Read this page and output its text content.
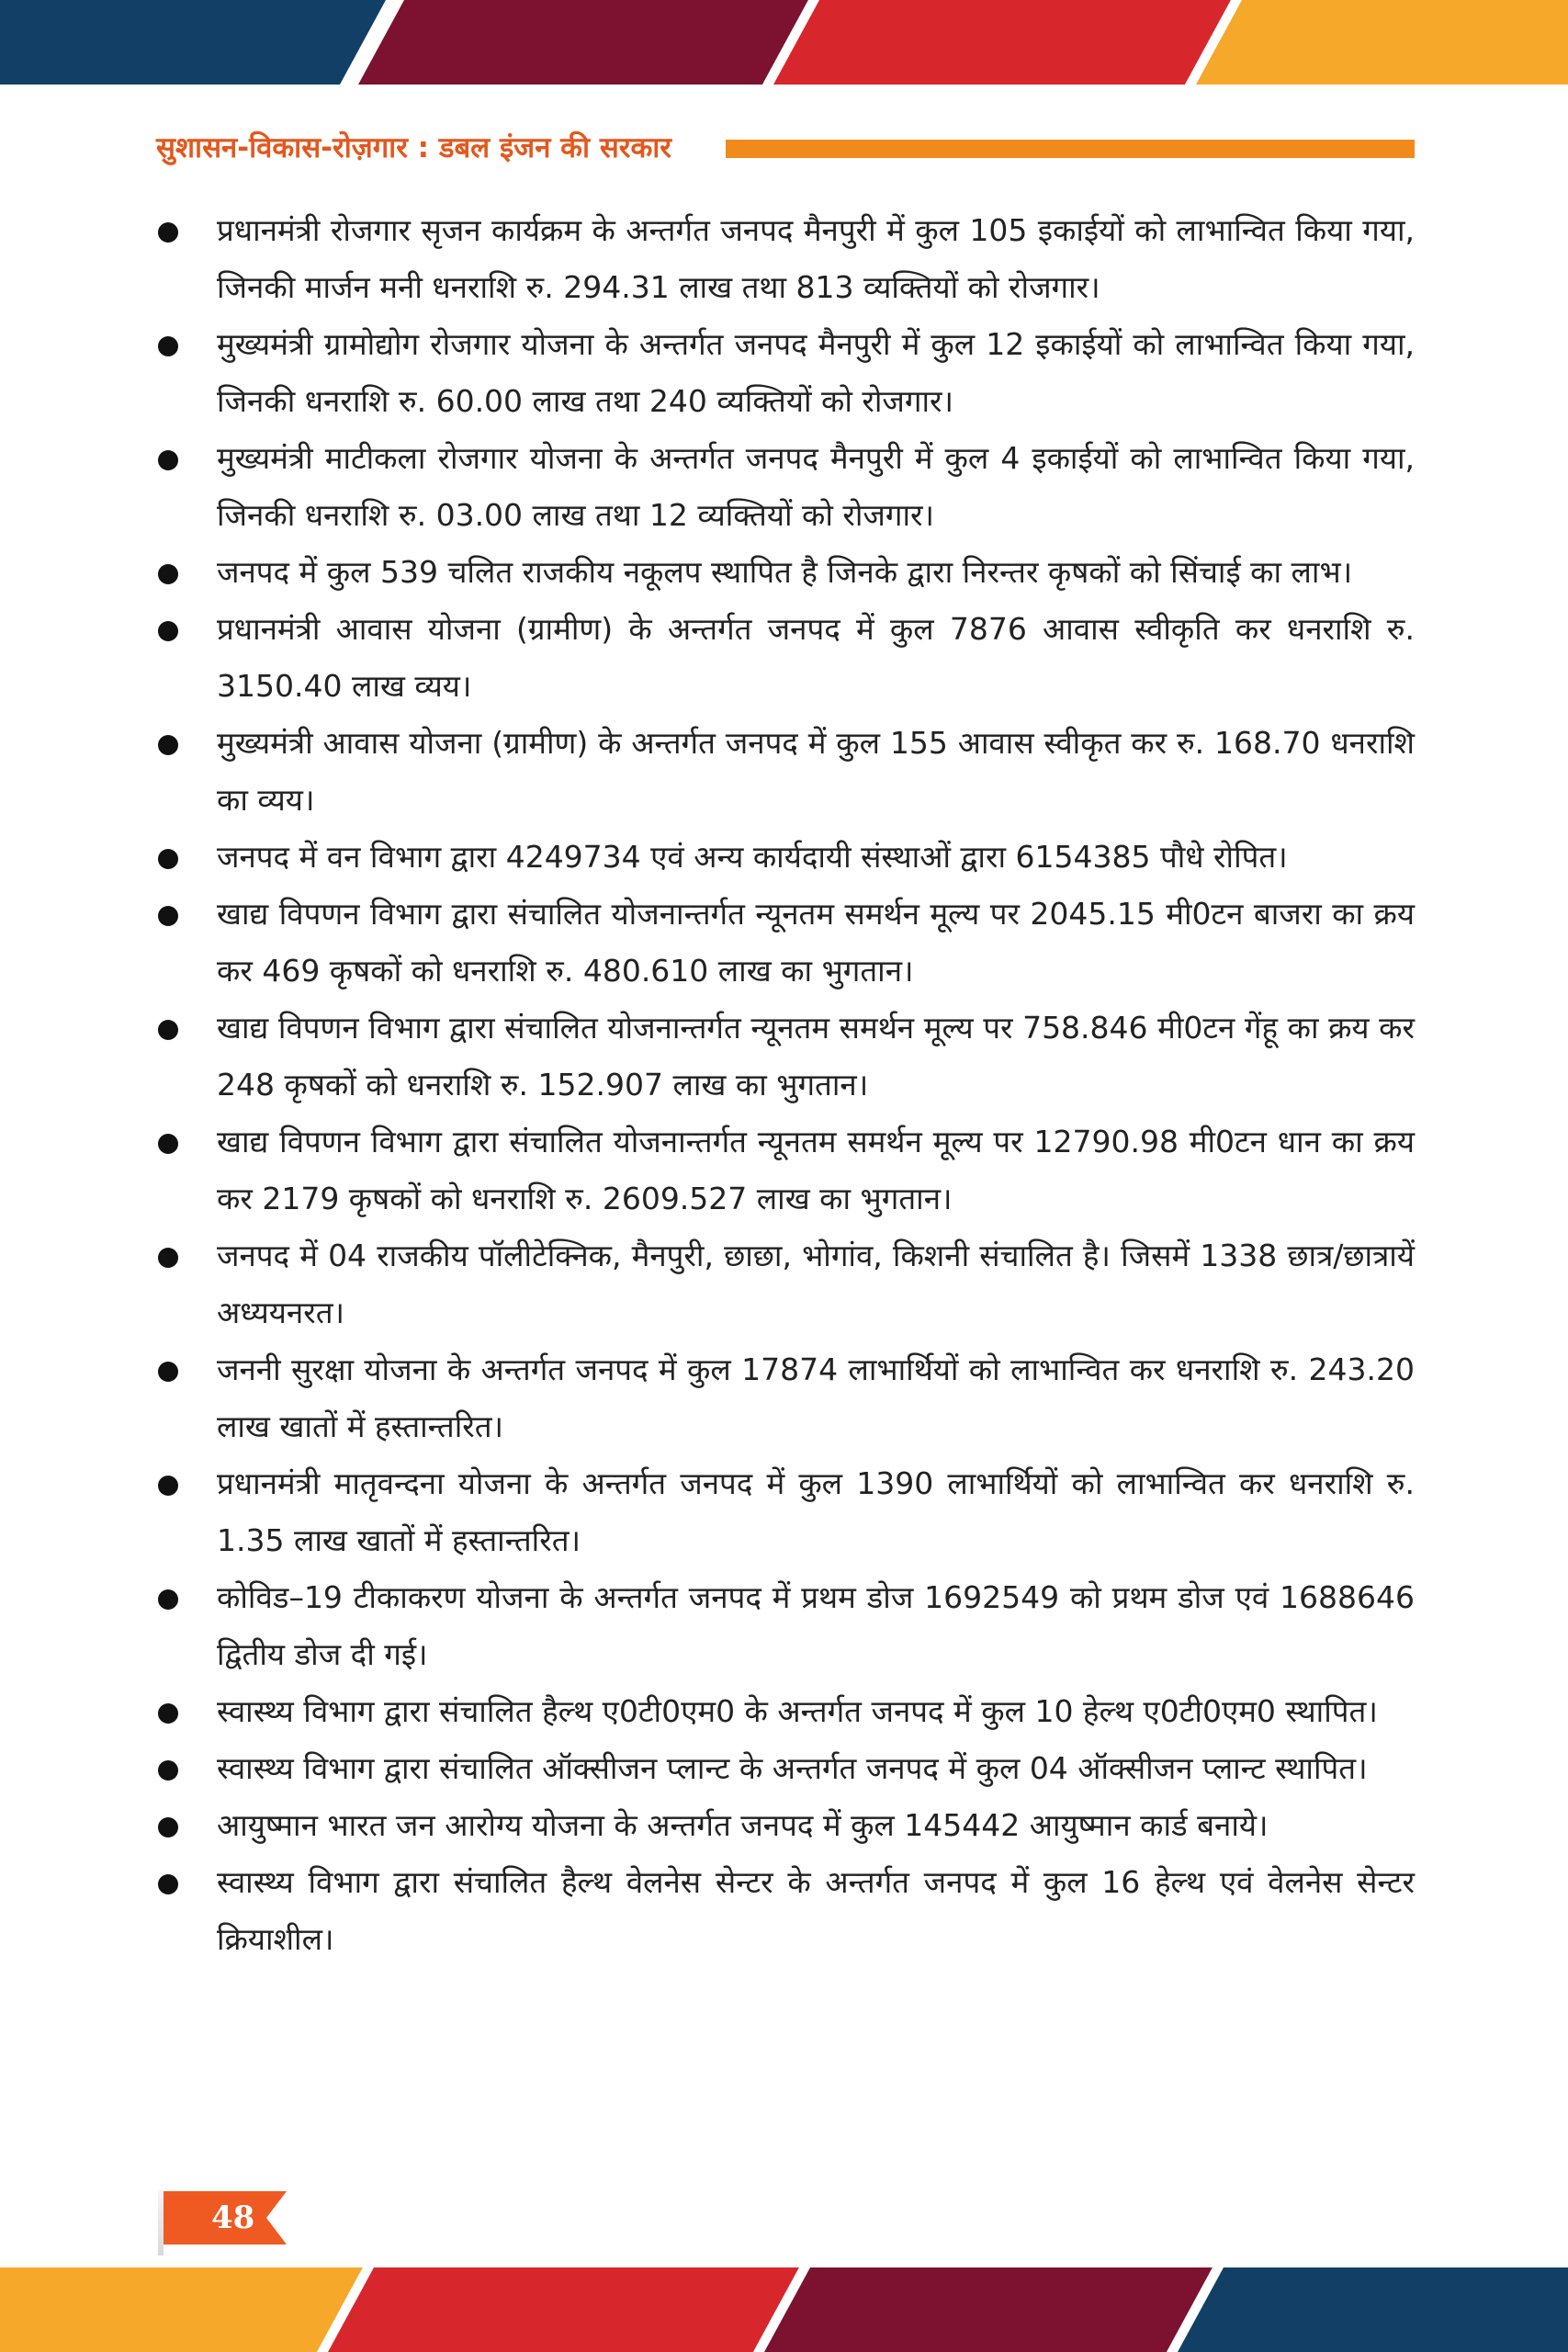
सुशासन-विकास-रोज़गार : डबल इंजन की सरकार
प्रधानमंत्री रोजगार सृजन कार्यक्रम के अन्तर्गत जनपद मैनपुरी में कुल 105 इकाईयों को लाभान्वित किया गया, जिनकी मार्जन मनी धनराशि रु. 294.31 लाख तथा 813 व्यक्तियों को रोजगार।
मुख्यमंत्री ग्रामोद्योग रोजगार योजना के अन्तर्गत जनपद मैनपुरी में कुल 12 इकाईयों को लाभान्वित किया गया, जिनकी धनराशि रु. 60.00 लाख तथा 240 व्यक्तियों को रोजगार।
मुख्यमंत्री माटीकला रोजगार योजना के अन्तर्गत जनपद मैनपुरी में कुल 4 इकाईयों को लाभान्वित किया गया, जिनकी धनराशि रु. 03.00 लाख तथा 12 व्यक्तियों को रोजगार।
जनपद में कुल 539 चलित राजकीय नकूलप स्थापित है जिनके द्वारा निरन्तर कृषकों को सिंचाई का लाभ।
प्रधानमंत्री आवास योजना (ग्रामीण) के अन्तर्गत जनपद में कुल 7876 आवास स्वीकृति कर धनराशि रु. 3150.40 लाख व्यय।
मुख्यमंत्री आवास योजना (ग्रामीण) के अन्तर्गत जनपद में कुल 155 आवास स्वीकृत कर रु. 168.70 धनराशि का व्यय।
जनपद में वन विभाग द्वारा 4249734 एवं अन्य कार्यदायी संस्थाओं द्वारा 6154385 पौधे रोपित।
खाद्य विपणन विभाग द्वारा संचालित योजनान्तर्गत न्यूनतम समर्थन मूल्य पर 2045.15 मी0टन बाजरा का क्रय कर 469 कृषकों को धनराशि रु. 480.610 लाख का भुगतान।
खाद्य विपणन विभाग द्वारा संचालित योजनान्तर्गत न्यूनतम समर्थन मूल्य पर 758.846 मी0टन गेंहू का क्रय कर 248 कृषकों को धनराशि रु. 152.907 लाख का भुगतान।
खाद्य विपणन विभाग द्वारा संचालित योजनान्तर्गत न्यूनतम समर्थन मूल्य पर 12790.98 मी0टन धान का क्रय कर 2179 कृषकों को धनराशि रु. 2609.527 लाख का भुगतान।
जनपद में 04 राजकीय पॉलीटेक्निक, मैनपुरी, छाछा, भोगांव, किशनी संचालित है। जिसमें 1338 छात्र/छात्रायें अध्ययनरत।
जननी सुरक्षा योजना के अन्तर्गत जनपद में कुल 17874 लाभार्थियों को लाभान्वित कर धनराशि रु. 243.20 लाख खातों में हस्तान्तरित।
प्रधानमंत्री मातृवन्दना योजना के अन्तर्गत जनपद में कुल 1390 लाभार्थियों को लाभान्वित कर धनराशि रु. 1.35 लाख खातों में हस्तान्तरित।
कोविड–19 टीकाकरण योजना के अन्तर्गत जनपद में प्रथम डोज 1692549 को प्रथम डोज एवं 1688646 द्वितीय डोज दी गई।
स्वास्थ्य विभाग द्वारा संचालित हैल्थ ए0टी0एम0 के अन्तर्गत जनपद में कुल 10 हेल्थ ए0टी0एम0 स्थापित।
स्वास्थ्य विभाग द्वारा संचालित ऑक्सीजन प्लान्ट के अन्तर्गत जनपद में कुल 04 ऑक्सीजन प्लान्ट स्थापित।
आयुष्मान भारत जन आरोग्य योजना के अन्तर्गत जनपद में कुल 145442 आयुष्मान कार्ड बनाये।
स्वास्थ्य विभाग द्वारा संचालित हैल्थ वेलनेस सेन्टर के अन्तर्गत जनपद में कुल 16 हेल्थ एवं वेलनेस सेन्टर क्रियाशील।
48
